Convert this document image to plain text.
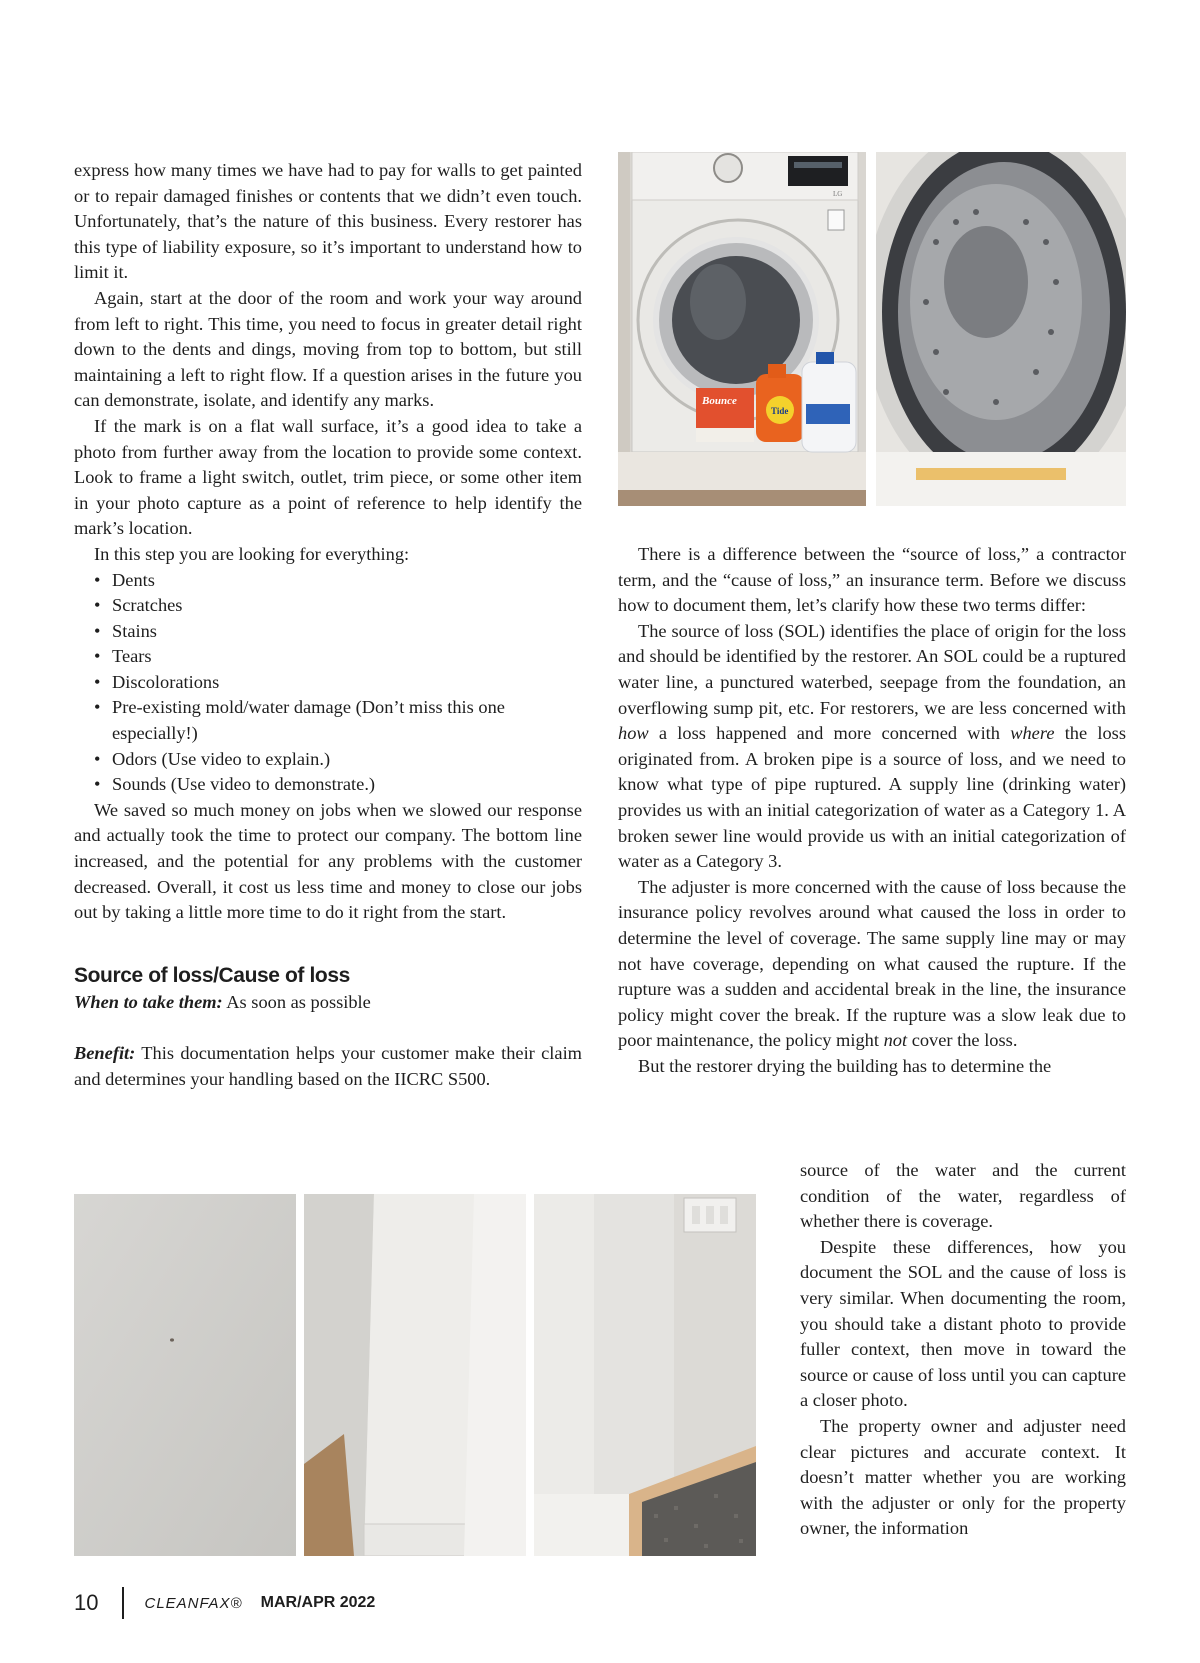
express how many times we have had to pay for walls to get painted or to repair damaged finishes or contents that we didn’t even touch. Unfortunately, that’s the nature of this business. Every restorer has this type of liability exposure, so it’s important to understand how to limit it.

Again, start at the door of the room and work your way around from left to right. This time, you need to focus in greater detail right down to the dents and dings, moving from top to bottom, but still maintaining a left to right flow. If a question arises in the future you can demonstrate, isolate, and identify any marks.

If the mark is on a flat wall surface, it’s a good idea to take a photo from further away from the location to provide some context. Look to frame a light switch, outlet, trim piece, or some other item in your photo capture as a point of reference to help identify the mark’s location.

In this step you are looking for everything:

• Dents
• Scratches
• Stains
• Tears
• Discolorations
• Pre-existing mold/water damage (Don’t miss this one especially!)
• Odors (Use video to explain.)
• Sounds (Use video to demonstrate.)

We saved so much money on jobs when we slowed our response and actually took the time to protect our company. The bottom line increased, and the potential for any problems with the customer decreased. Overall, it cost us less time and money to close our jobs out by taking a little more time to do it right from the start.

Source of loss/Cause of loss

When to take them: As soon as possible

Benefit: This documentation helps your customer make their claim and determines your handling based on the IICRC S500.

There is a difference between the “source of loss,” a contractor term, and the “cause of loss,” an insurance term. Before we discuss how to document them, let’s clarify how these two terms differ:

The source of loss (SOL) identifies the place of origin for the loss and should be identified by the restorer. An SOL could be a ruptured water line, a punctured waterbed, seepage from the foundation, an overflowing sump pit, etc. For restorers, we are less concerned with how a loss happened and more concerned with where the loss originated from. A broken pipe is a source of loss, and we need to know what type of pipe ruptured. A supply line (drinking water) provides us with an initial categorization of water as a Category 1. A broken sewer line would provide us with an initial categorization of water as a Category 3.

The adjuster is more concerned with the cause of loss because the insurance policy revolves around what caused the loss in order to determine the level of coverage. The same supply line may or may not have coverage, depending on what caused the rupture. If the rupture was a sudden and accidental break in the line, the insurance policy might cover the break. If the rupture was a slow leak due to poor maintenance, the policy might not cover the loss.

But the restorer drying the building has to determine the

source of the water and the current condition of the water, regardless of whether there is coverage.

Despite these differences, how you document the SOL and the cause of loss is very similar. When documenting the room, you should take a distant photo to provide fuller context, then move in toward the source or cause of loss until you can capture a closer photo.

The property owner and adjuster need clear pictures and accurate context. It doesn’t matter whether you are working with the adjuster or only for the property owner, the information

LG
Bounce
Tide
10	CLEANFAX® MAR/APR 2022
